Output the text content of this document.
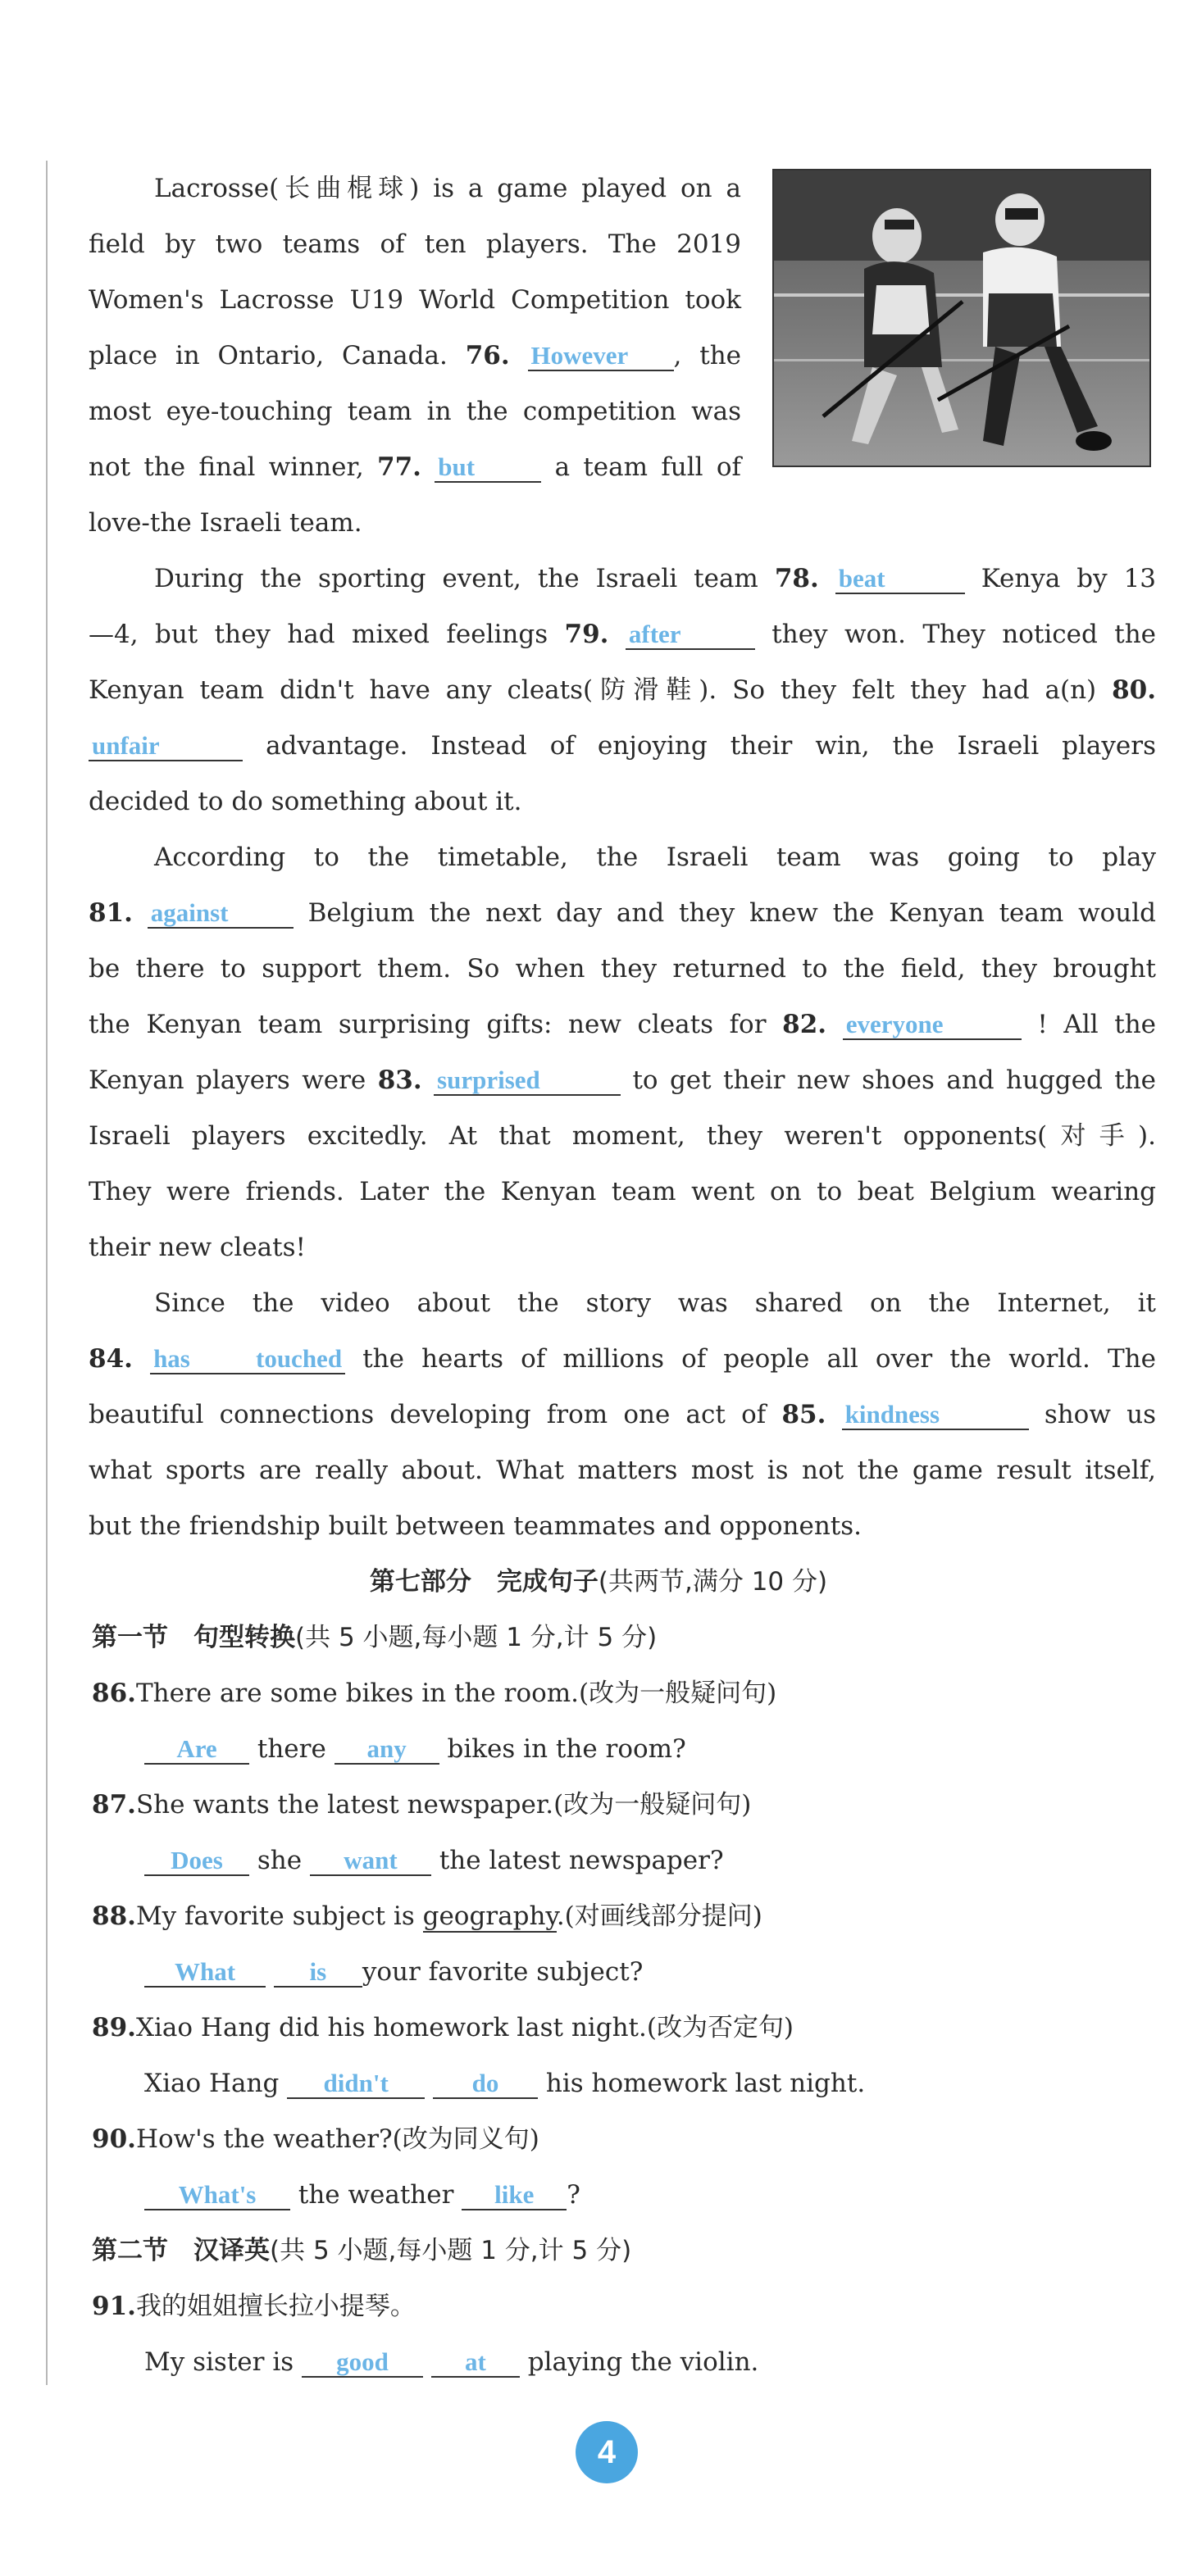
Lacrosse(长曲棍球) is a game played on a
field by two teams of ten players. The 2019
Women's Lacrosse U19 World Competition took
place in Ontario, Canada. 76. However , the
most eye-touching team in the competition was
not the final winner, 77. but	a team full of
love-the Israeli team.
During the sporting event, the Israeli team 78. beat	Kenya by 13
—4, but they had mixed feelings 79. after	they won. They noticed the
Kenyan team didn't have any cleats(防滑鞋). So they felt they had a(n) 80.
unfair	advantage. Instead of enjoying their win, the Israeli players
decided to do something about it.
According to the timetable, the Israeli team was going to play
81. against	Belgium the next day and they knew the Kenyan team would
be there to support them. So when they returned to the field, they brought
the Kenyan team surprising gifts: new cleats for 82. everyone	! All the
Kenyan players were 83. surprised	to get their new shoes and hugged the
Israeli players excitedly. At that moment, they weren't opponents(对手).
They were friends. Later the Kenyan team went on to beat Belgium wearing
their new cleats!
Since the video about the story was shared on the Internet, it
84. has touched the hearts of millions of people all over the world. The
beautiful connections developing from one act of 85. kindness	show us
what sports are really about. What matters most is not the game result itself,
but the friendship built between teammates and opponents.
第七部分　完成句子(共两节,满分 10 分)
第一节　句型转换(共 5 小题,每小题 1 分,计 5 分)
86.There are some bikes in the room.(改为一般疑问句)
Are there any bikes in the room?
87.She wants the latest newspaper.(改为一般疑问句)
Does she want the latest newspaper?
88.My favorite subject is geography.(对画线部分提问)
What	is your favorite subject?
89.Xiao Hang did his homework last night.(改为否定句)
Xiao Hang didn't	do his homework last night.
90.How's the weather?(改为同义句)
What's the weather like ?
第二节　汉译英(共 5 小题,每小题 1 分,计 5 分)
91.我的姐姐擅长拉小提琴。
My sister is good	at playing the violin.
4
